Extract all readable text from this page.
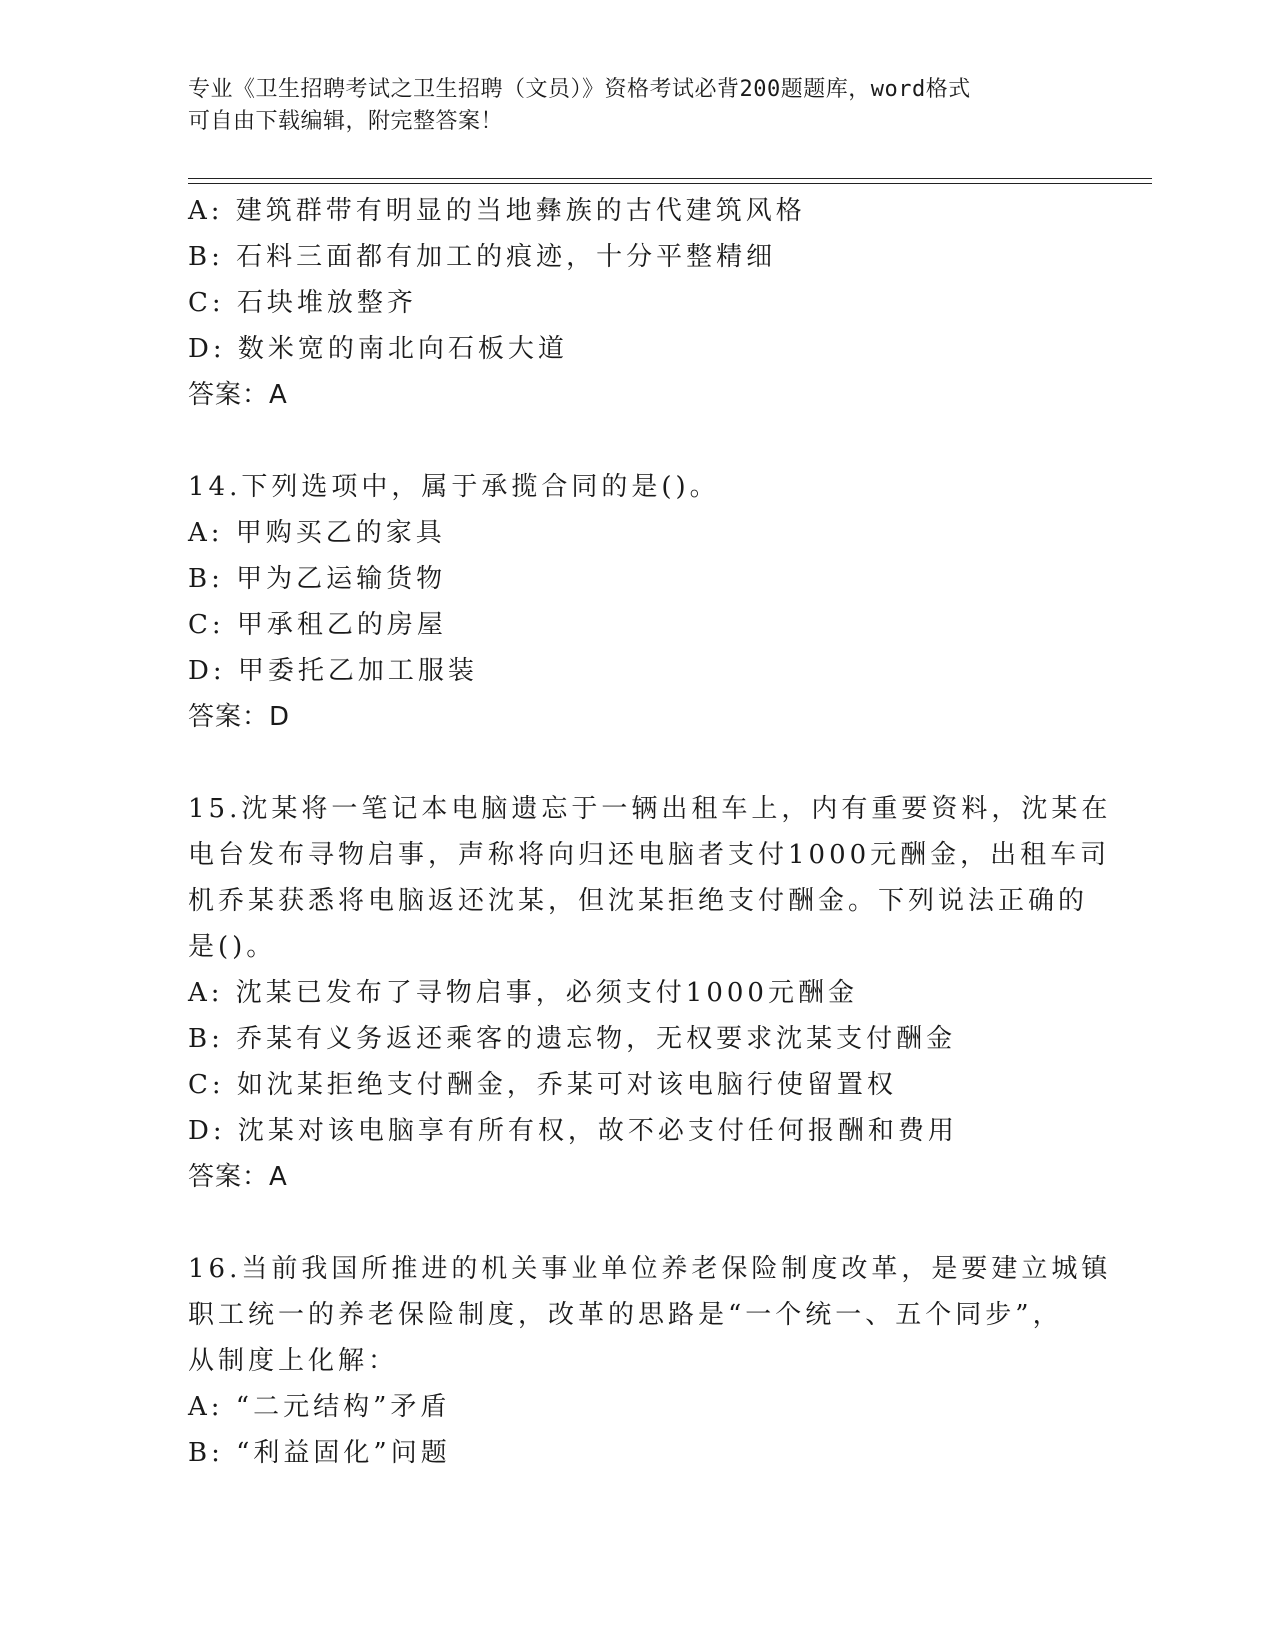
专业《卫生招聘考试之卫生招聘（文员）》资格考试必背200题题库，word格式
可自由下载编辑，附完整答案！
A: 建筑群带有明显的当地彝族的古代建筑风格
B: 石料三面都有加工的痕迹，十分平整精细
C: 石块堆放整齐
D: 数米宽的南北向石板大道
答案：A
14.下列选项中，属于承揽合同的是()。
A: 甲购买乙的家具
B: 甲为乙运输货物
C: 甲承租乙的房屋
D: 甲委托乙加工服装
答案：D
15.沈某将一笔记本电脑遗忘于一辆出租车上，内有重要资料，沈某在
电台发布寻物启事，声称将向归还电脑者支付1000元酬金，出租车司
机乔某获悉将电脑返还沈某，但沈某拒绝支付酬金。下列说法正确的
是()。
A: 沈某已发布了寻物启事，必须支付1000元酬金
B: 乔某有义务返还乘客的遗忘物，无权要求沈某支付酬金
C: 如沈某拒绝支付酬金，乔某可对该电脑行使留置权
D: 沈某对该电脑享有所有权，故不必支付任何报酬和费用
答案：A
16.当前我国所推进的机关事业单位养老保险制度改革，是要建立城镇
职工统一的养老保险制度，改革的思路是“一个统一、五个同步”，
从制度上化解：
A: “二元结构”矛盾
B: “利益固化”问题
